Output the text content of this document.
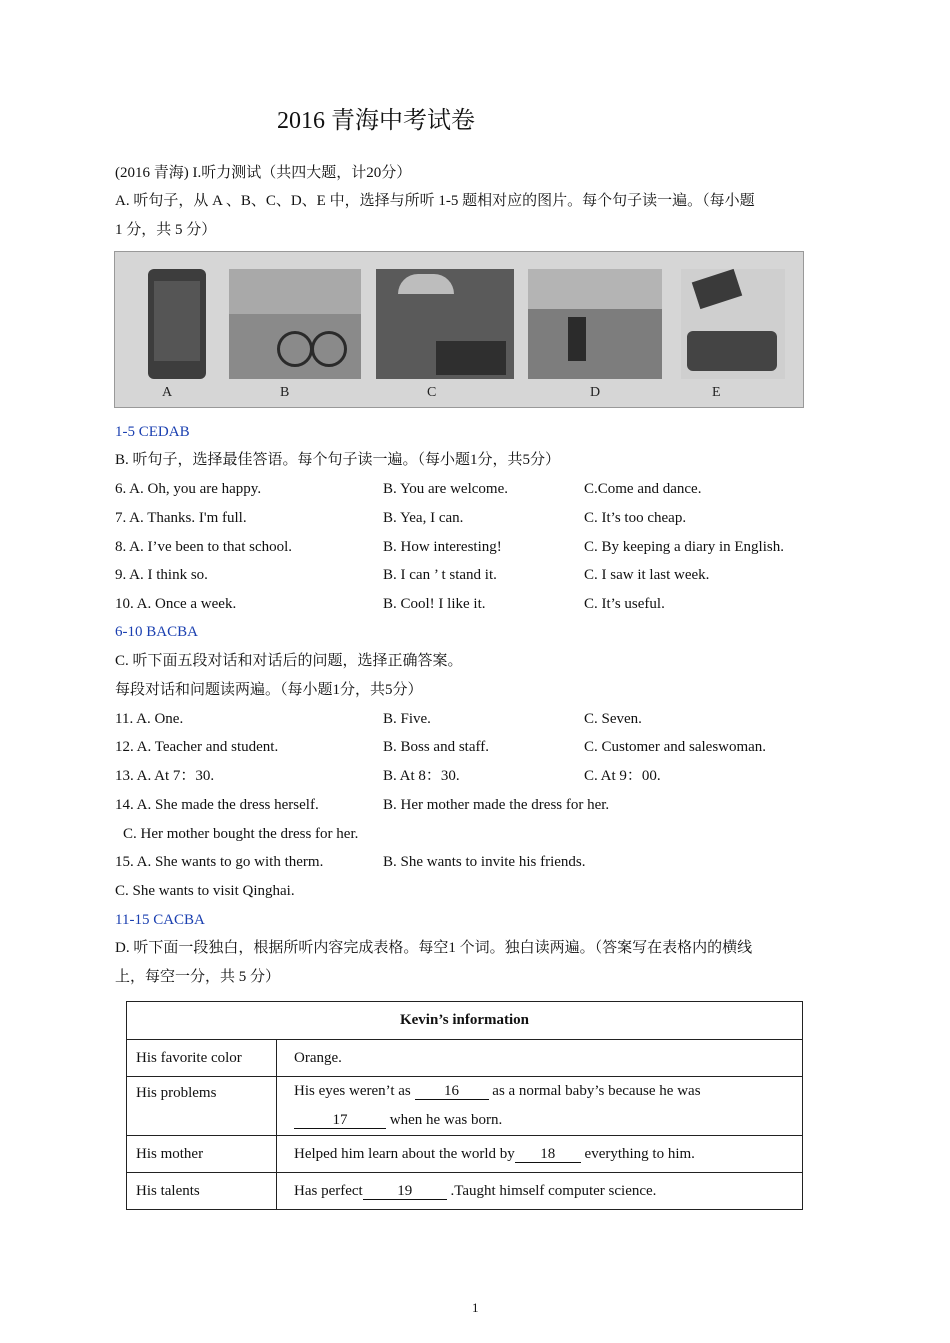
2016 青海中考试卷
(2016 青海) I.听力测试（共四大题，计20分）
A. 听句子，从 A 、B、C、D、E 中，选择与所听 1-5 题相对应的图片。每个句子读一遍。（每小题
1 分，共 5 分）
A	B	C	D	E
1-5 CEDAB
B. 听句子，选择最佳答语。每个句子读一遍。（每小题1分，共5分）
6. A. Oh, you are happy.	B. You are welcome.	C.Come and dance.
7. A. Thanks. I'm full.	B. Yea, I can.	C. It’s too cheap.
8. A. I’ve been to that school.	B. How interesting!	C. By keeping a diary in English.
9. A. I think so.	B. I can ’ t stand it.	C. I saw it last week.
10. A. Once a week.	B. Cool! I like it.	C. It’s useful.
6-10 BACBA
C. 听下面五段对话和对话后的问题，选择正确答案。
每段对话和问题读两遍。（每小题1分，共5分）
11. A. One.	B. Five.	C. Seven.
12. A. Teacher and student.	B. Boss and staff.	C. Customer and saleswoman.
13. A. At 7：30.	B. At 8：30.	C. At 9：00.
14. A. She made the dress herself.	B. Her mother made the dress for her.
C. Her mother bought the dress for her.
15. A. She wants to go with therm.	B. She wants to invite his friends.
C. She wants to visit Qinghai.
11-15 CACBA
D. 听下面一段独白，根据所听内容完成表格。每空1 个词。独白读两遍。（答案写在表格内的横线
上，每空一分，共 5 分）
Kevin’s information	
His favorite color	Orange.
His problems	His eyes weren’t as 16 as a normal baby’s because he was
17 when he was born.
His mother	Helped him learn about the world by 18 everything to him.
His talents	Has perfect 19 .Taught himself computer science.
1
